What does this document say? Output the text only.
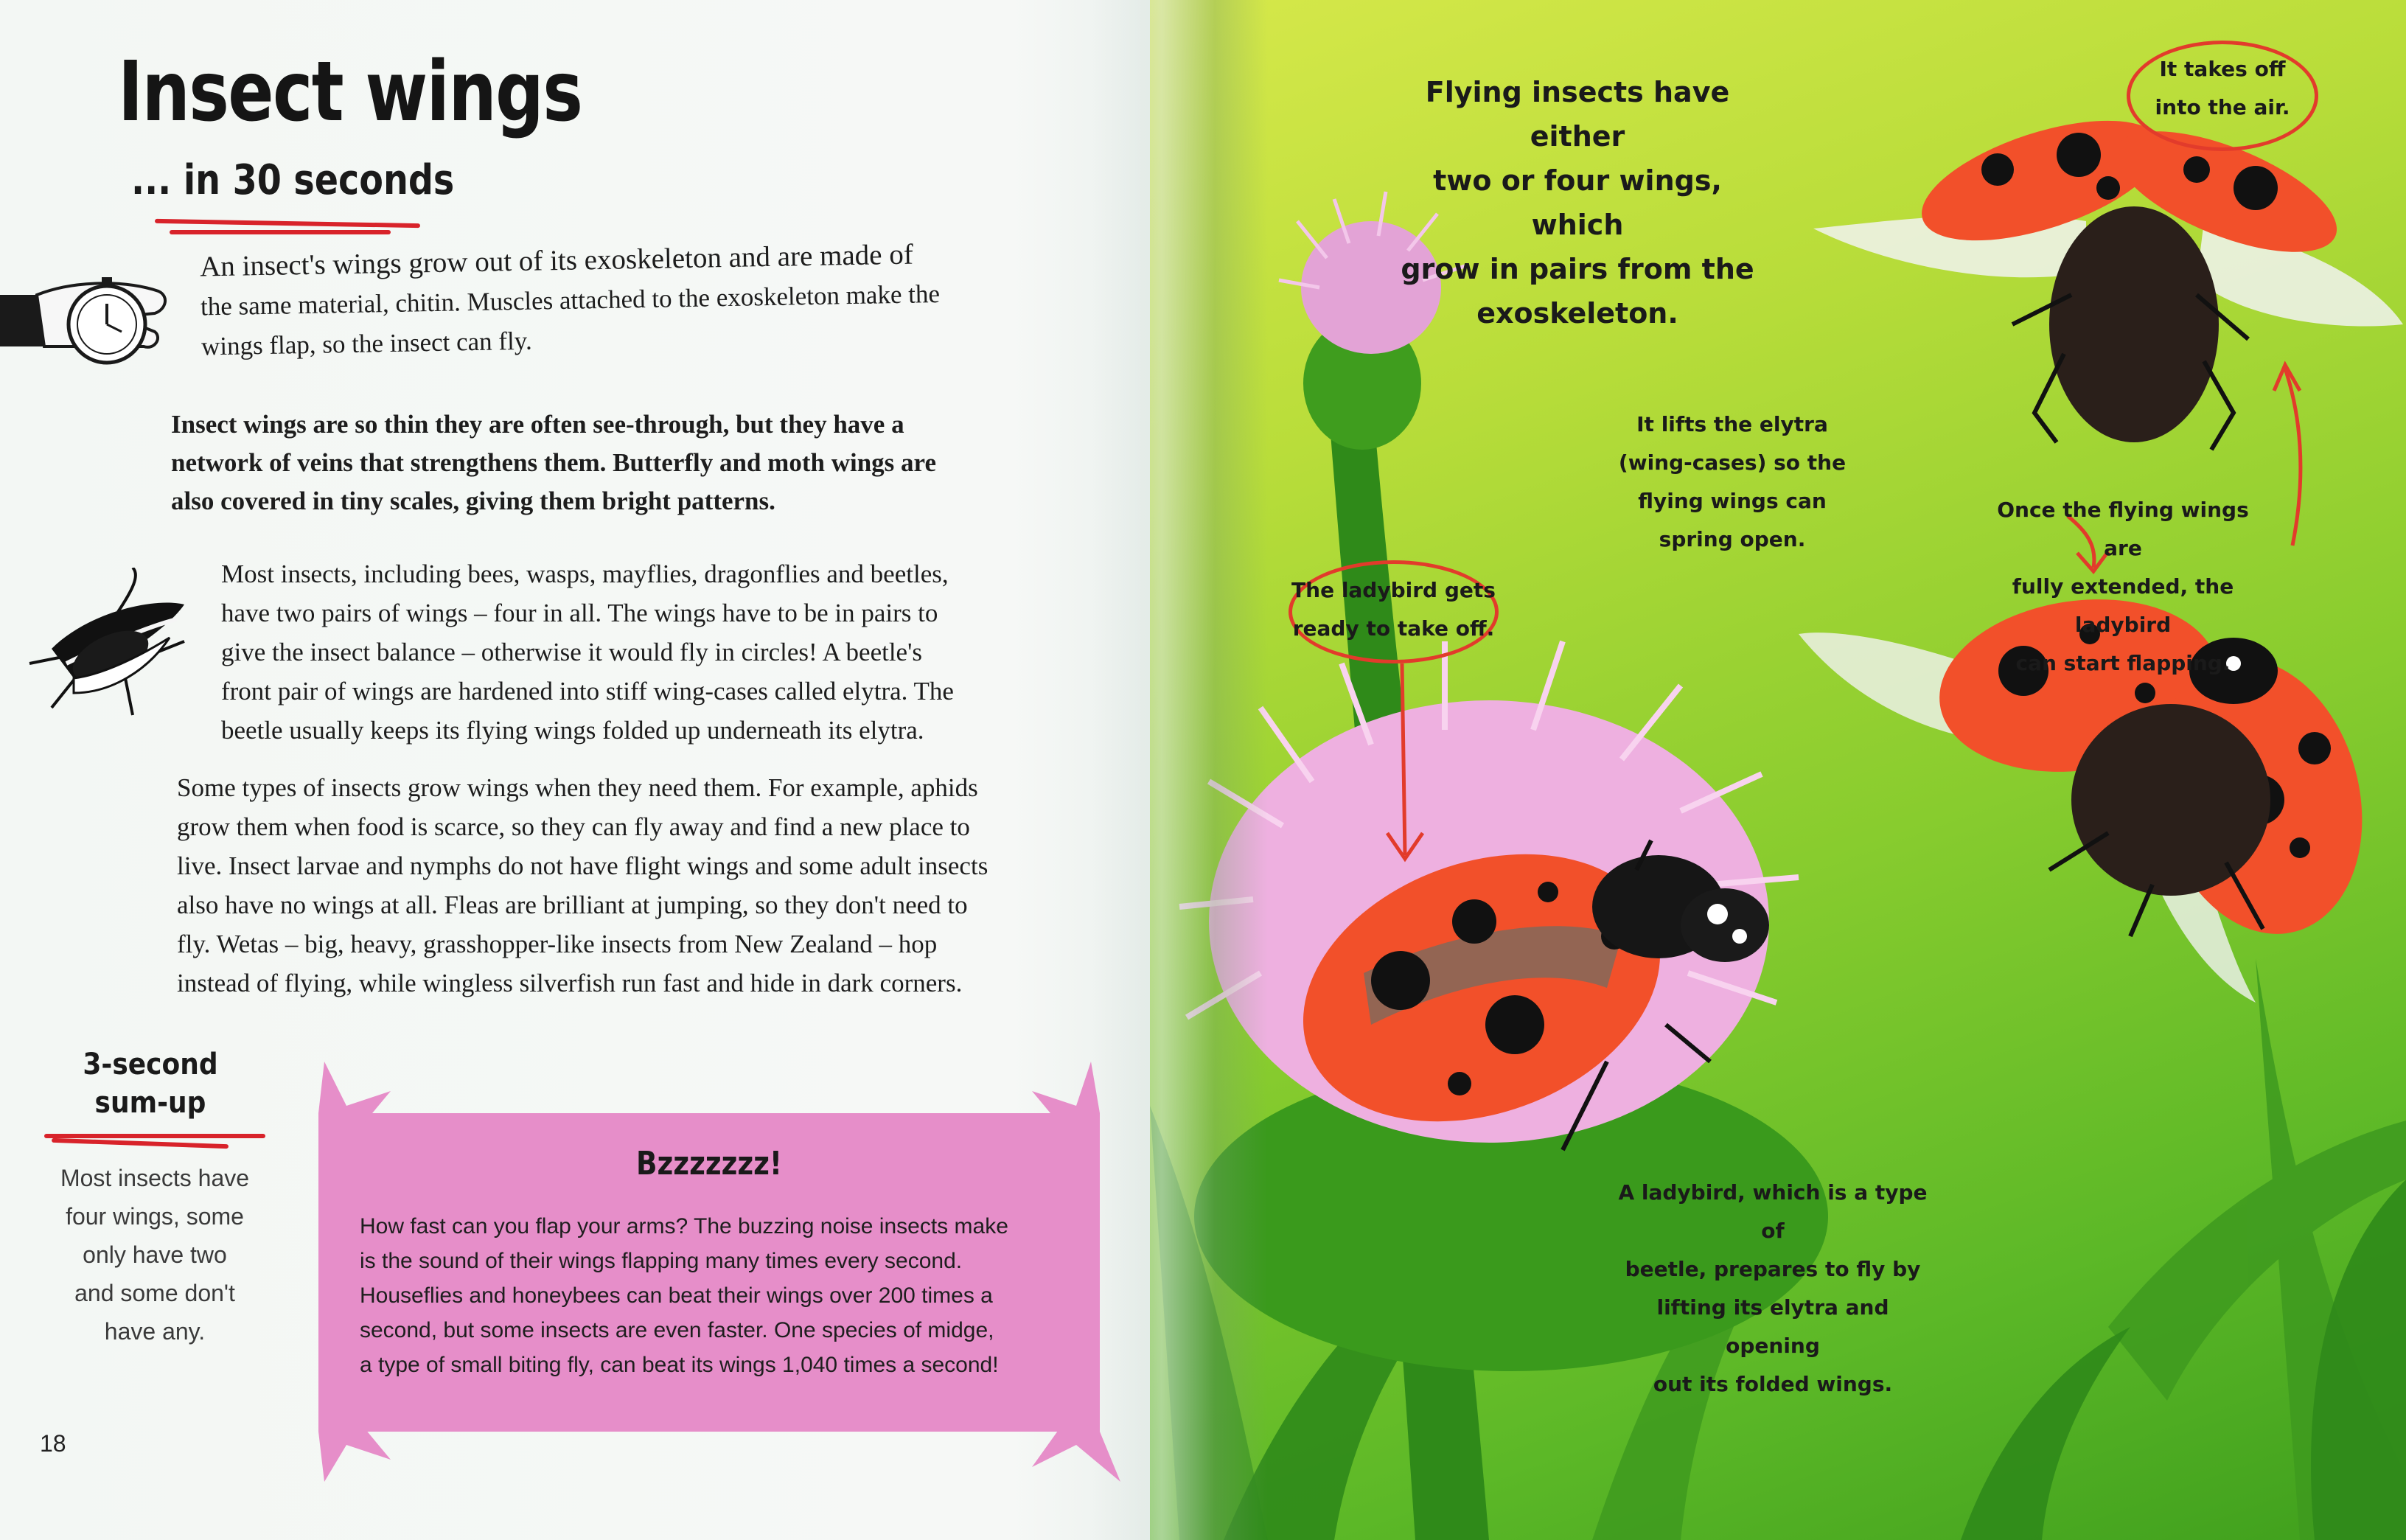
Insect wings
... in 30 seconds
An insect's wings grow out of its exoskeleton and are made of
the same material, chitin. Muscles attached to the exoskeleton make the
wings flap, so the insect can fly.
Insect wings are so thin they are often see-through, but they have a
network of veins that strengthens them. Butterfly and moth wings are
also covered in tiny scales, giving them bright patterns.
Most insects, including bees, wasps, mayflies, dragonflies and beetles,
have two pairs of wings – four in all. The wings have to be in pairs to
give the insect balance – otherwise it would fly in circles! A beetle's
front pair of wings are hardened into stiff wing-cases called elytra. The
beetle usually keeps its flying wings folded up underneath its elytra.
Some types of insects grow wings when they need them. For example, aphids
grow them when food is scarce, so they can fly away and find a new place to
live. Insect larvae and nymphs do not have flight wings and some adult insects
also have no wings at all. Fleas are brilliant at jumping, so they don't need to
fly. Wetas – big, heavy, grasshopper-like insects from New Zealand – hop
instead of flying, while wingless silverfish run fast and hide in dark corners.
3-second
sum-up
Most insects have
four wings, some
only have two
and some don't
have any.
Bzzzzzzz!
How fast can you flap your arms? The buzzing noise insects make
is the sound of their wings flapping many times every second.
Houseflies and honeybees can beat their wings over 200 times a
second, but some insects are even faster. One species of midge,
a type of small biting fly, can beat its wings 1,040 times a second!
18
Flying insects have either
two or four wings, which
grow in pairs from the
exoskeleton.
It takes off
into the air.
It lifts the elytra
(wing-cases) so the
flying wings can
spring open.
Once the flying wings are
fully extended, the ladybird
can start flapping.
The ladybird gets
ready to take off.
A ladybird, which is a type of
beetle, prepares to fly by
lifting its elytra and opening
out its folded wings.
